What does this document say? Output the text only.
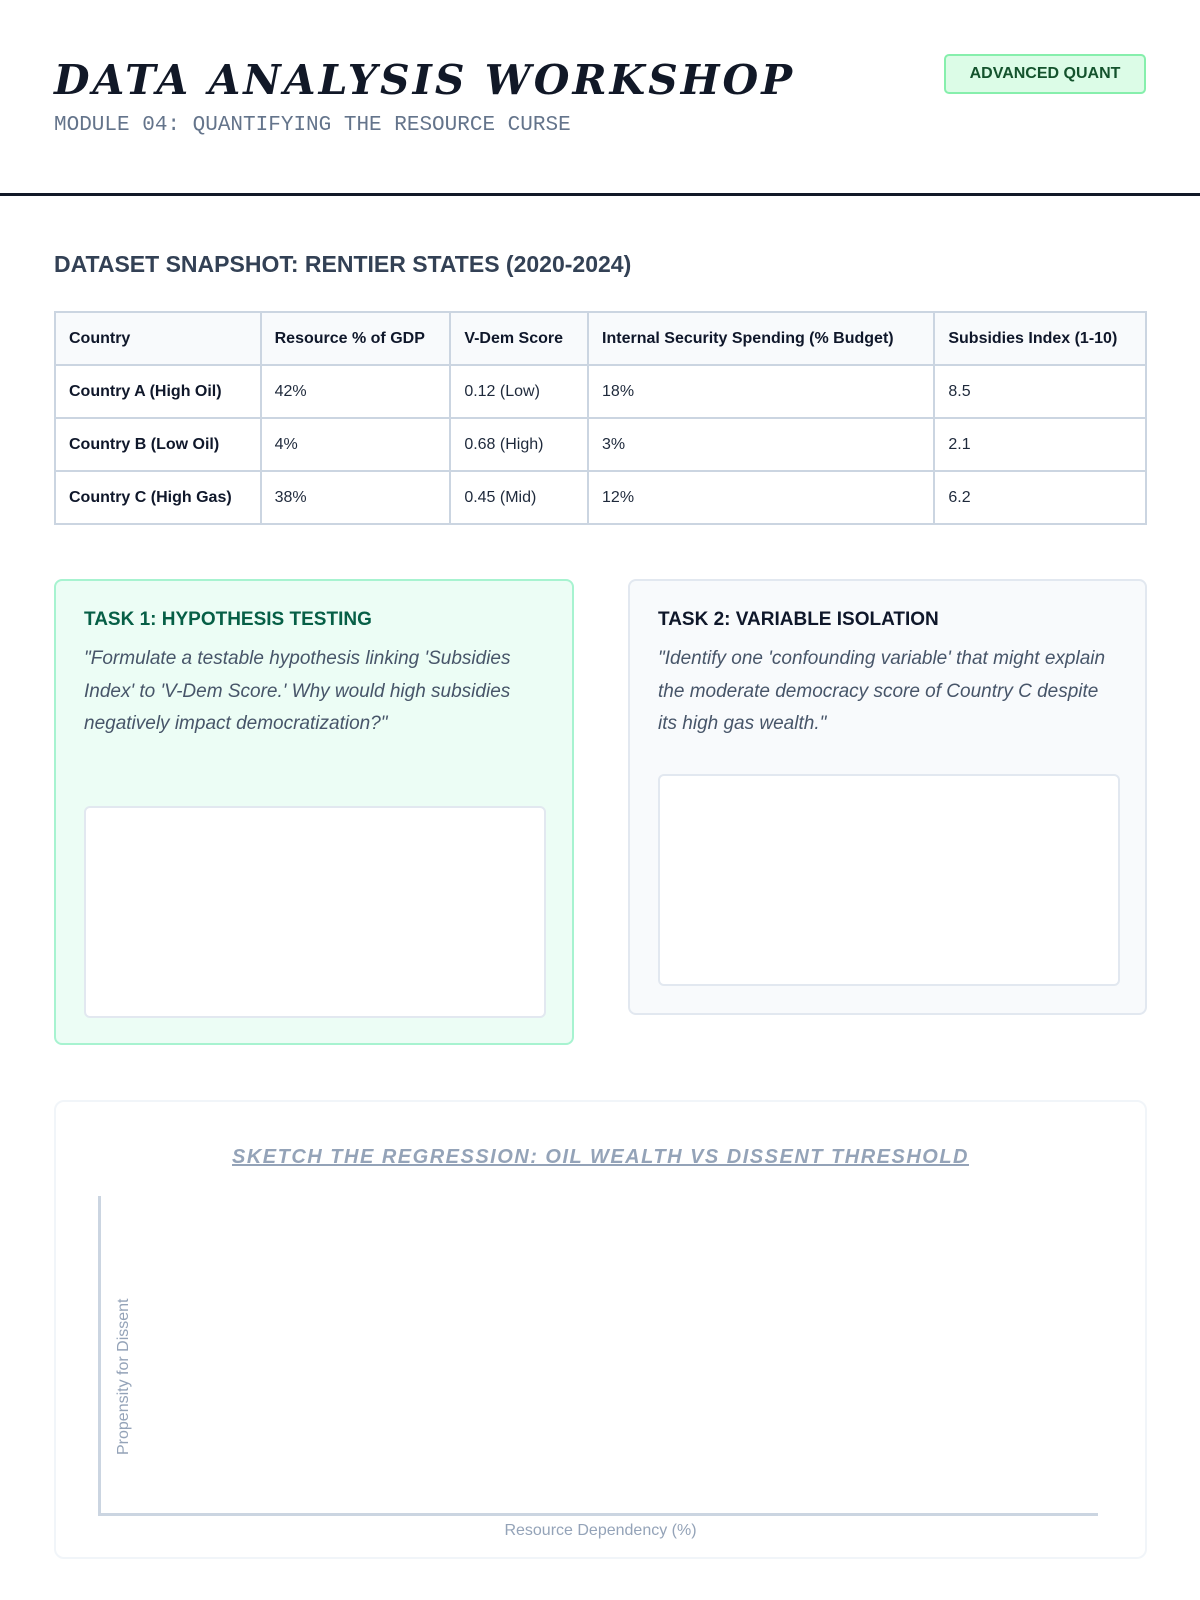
DATA ANALYSIS WORKSHOP
MODULE 04: QUANTIFYING THE RESOURCE CURSE
ADVANCED QUANT
DATASET SNAPSHOT: RENTIER STATES (2020-2024)
Country	Resource % of GDP	V-Dem Score	Internal Security Spending (% Budget)	Subsidies Index (1-10)
Country A (High Oil)	42%	0.12 (Low)	18%	8.5
Country B (Low Oil)	4%	0.68 (High)	3%	2.1
Country C (High Gas)	38%	0.45 (Mid)	12%	6.2
TASK 1: HYPOTHESIS TESTING

"Formulate a testable hypothesis linking 'Subsidies Index' to 'V-Dem Score.' Why would high subsidies negatively impact democratization?"

TASK 2: VARIABLE ISOLATION

"Identify one 'confounding variable' that might explain the moderate democracy score of Country C despite its high gas wealth."

SKETCH THE REGRESSION: OIL WEALTH VS DISSENT THRESHOLD
Propensity for Dissent
Resource Dependency (%)
